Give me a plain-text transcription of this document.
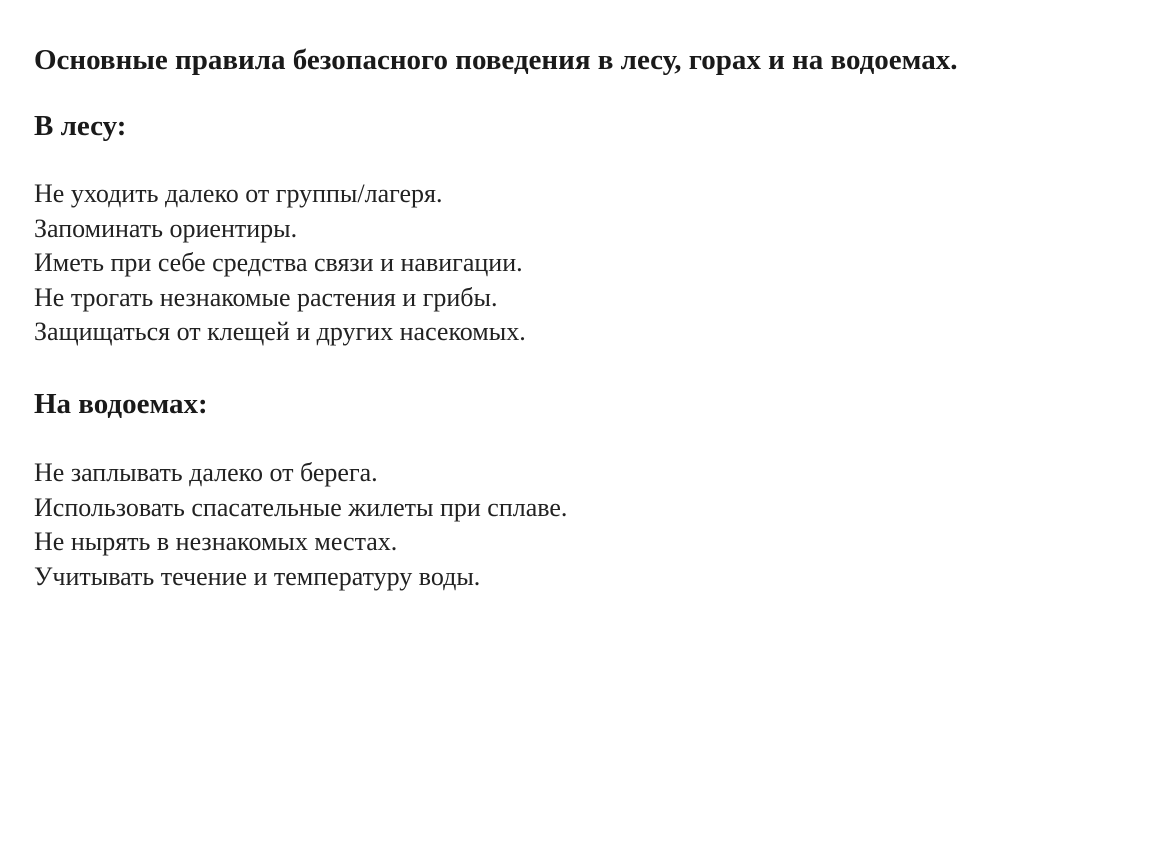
Основные правила безопасного поведения в лесу, горах и на водоемах.
В лесу:
Не уходить далеко от группы/лагеря.
Запоминать ориентиры.
Иметь при себе средства связи и навигации.
Не трогать незнакомые растения и грибы.
Защищаться от клещей и других насекомых.
На водоемах:
Не заплывать далеко от берега.
Использовать спасательные жилеты при сплаве.
Не нырять в незнакомых местах.
Учитывать течение и температуру воды.
